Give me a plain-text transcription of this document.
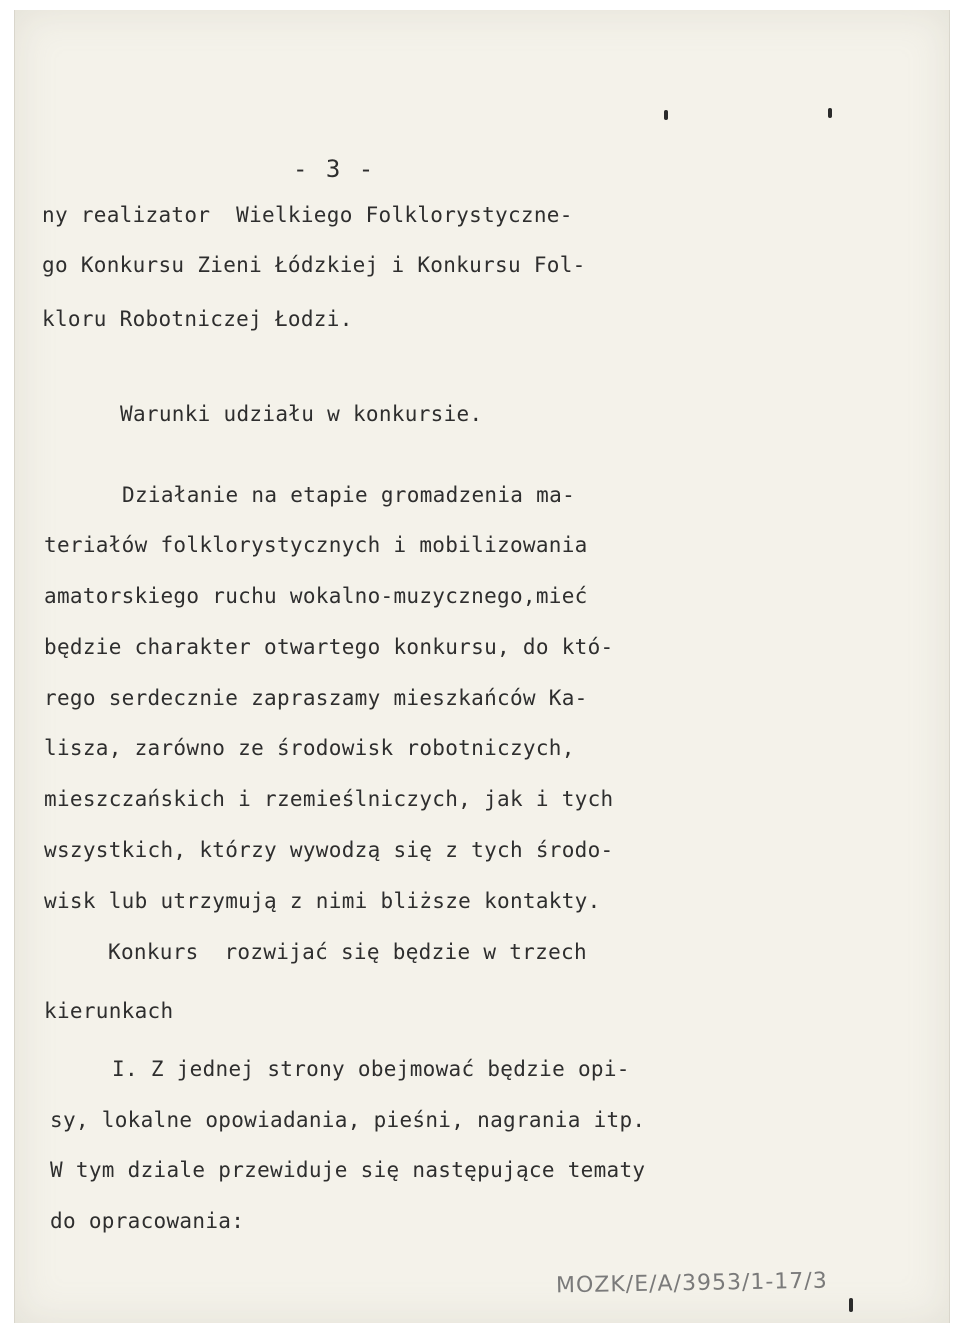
- 3 -
ny realizator  Wielkiego Folklorystyczne-
go Konkursu Zieni Łódzkiej i Konkursu Fol-
kloru Robotniczej Łodzi.
Warunki udziału w konkursie.
Działanie na etapie gromadzenia ma-
teriałów folklorystycznych i mobilizowania
amatorskiego ruchu wokalno-muzycznego,mieć
będzie charakter otwartego konkursu, do któ-
rego serdecznie zapraszamy mieszkańców Ka-
lisza, zarówno ze środowisk robotniczych,
mieszczańskich i rzemieślniczych, jak i tych
wszystkich, którzy wywodzą się z tych środo-
wisk lub utrzymują z nimi bliższe kontakty.
Konkurs  rozwijać się będzie w trzech
kierunkach
I. Z jednej strony obejmować będzie opi-
sy, lokalne opowiadania, pieśni, nagrania itp.
W tym dziale przewiduje się następujące tematy
do opracowania:
MOZK/E/A/3953/1-17/3
